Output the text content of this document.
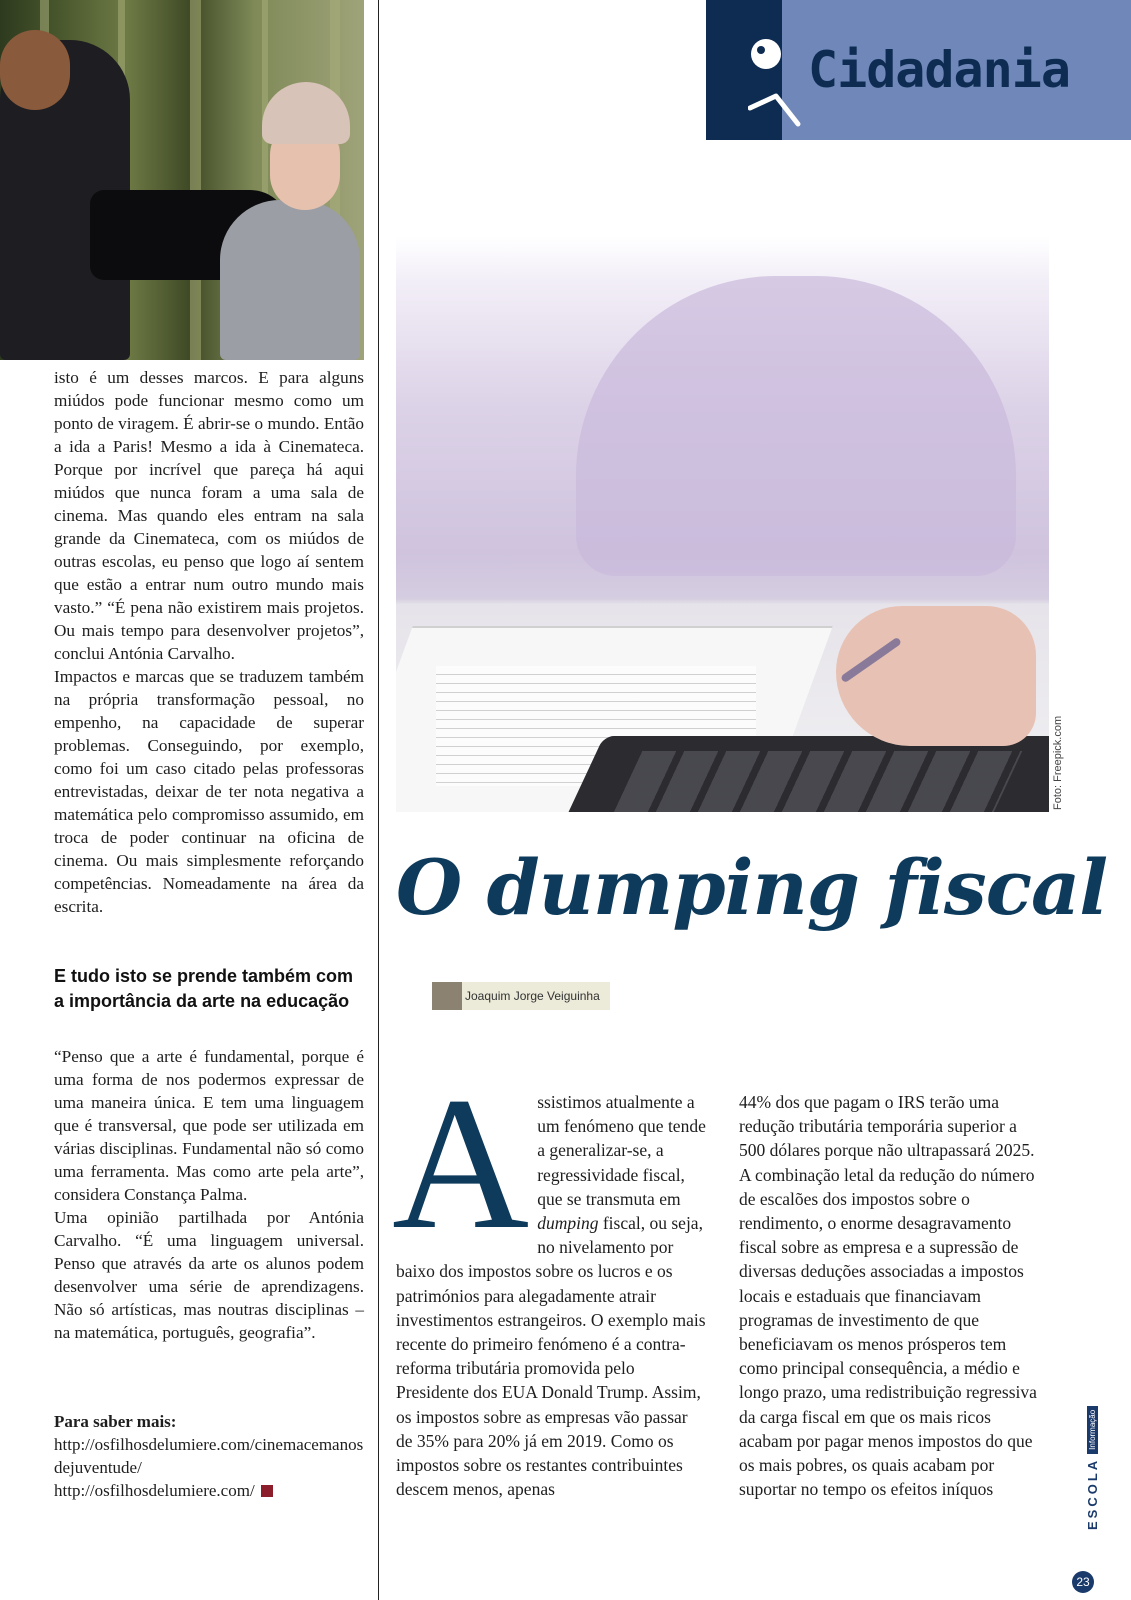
isto é um desses marcos. E para alguns miúdos pode funcionar mesmo como um ponto de viragem. É abrir-se o mundo. Então a ida a Paris! Mesmo a ida à Cinemateca. Porque por incrível que pareça há aqui miúdos que nunca foram a uma sala de cinema. Mas quando eles entram na sala grande da Cinemateca, com os miúdos de outras escolas, eu penso que logo aí sentem que estão a entrar num outro mundo mais vasto.” “É pena não existirem mais projetos. Ou mais tempo para desenvolver projetos”, conclui Antónia Carvalho.
Impactos e marcas que se traduzem também na própria transformação pessoal, no empenho, na capacidade de superar problemas. Conseguindo, por exemplo, como foi um caso citado pelas professoras entrevistadas, deixar de ter nota negativa a matemática pelo compromisso assumido, em troca de poder continuar na oficina de cinema. Ou mais simplesmente reforçando competências. Nomeadamente na área da escrita.

E tudo isto se prende também com a importância da arte na educação

“Penso que a arte é fundamental, porque é uma forma de nos podermos expressar de uma maneira única. E tem uma linguagem que é transversal, que pode ser utilizada em várias disciplinas. Fundamental não só como uma ferramenta. Mas como arte pela arte”, considera Constança Palma.
Uma opinião partilhada por Antónia Carvalho. “É uma linguagem universal. Penso que através da arte os alunos podem desenvolver uma série de aprendizagens. Não só artísticas, mas noutras disciplinas – na matemática, português, geografia”.

Para saber mais:
http://osfilhosdelumiere.com/cinemacemanosdejuventude/
http://osfilhosdelumiere.com/
Cidadania
Foto: Freepick.com
O dumping fiscal

Joaquim Jorge Veiguinha

A ssistimos atualmente a um fenómeno que tende a generalizar-se, a regressividade fiscal, que se transmuta em dumping fiscal, ou seja, no nivelamento por baixo dos impostos sobre os lucros e os patrimónios para alegadamente atrair investimentos estrangeiros. O exemplo mais recente do primeiro fenómeno é a contra-reforma tributária promovida pelo Presidente dos EUA Donald Trump. Assim, os impostos sobre as empresas vão passar de 35% para 20% já em 2019. Como os impostos sobre os restantes contribuintes descem menos, apenas

44% dos que pagam o IRS terão uma redução tributária temporária superior a 500 dólares porque não ultrapassará 2025. A combinação letal da redução do número de escalões dos impostos sobre o rendimento, o enorme desagravamento fiscal sobre as empresa e a supressão de diversas deduções associadas a impostos locais e estaduais que financiavam programas de investimento de que beneficiavam os menos prósperos tem como principal consequência, a médio e longo prazo, uma redistribuição regressiva da carga fiscal em que os mais ricos acabam por pagar menos impostos do que os mais pobres, os quais acabam por suportar no tempo os efeitos iníquos	ESCOLAInformação
23
